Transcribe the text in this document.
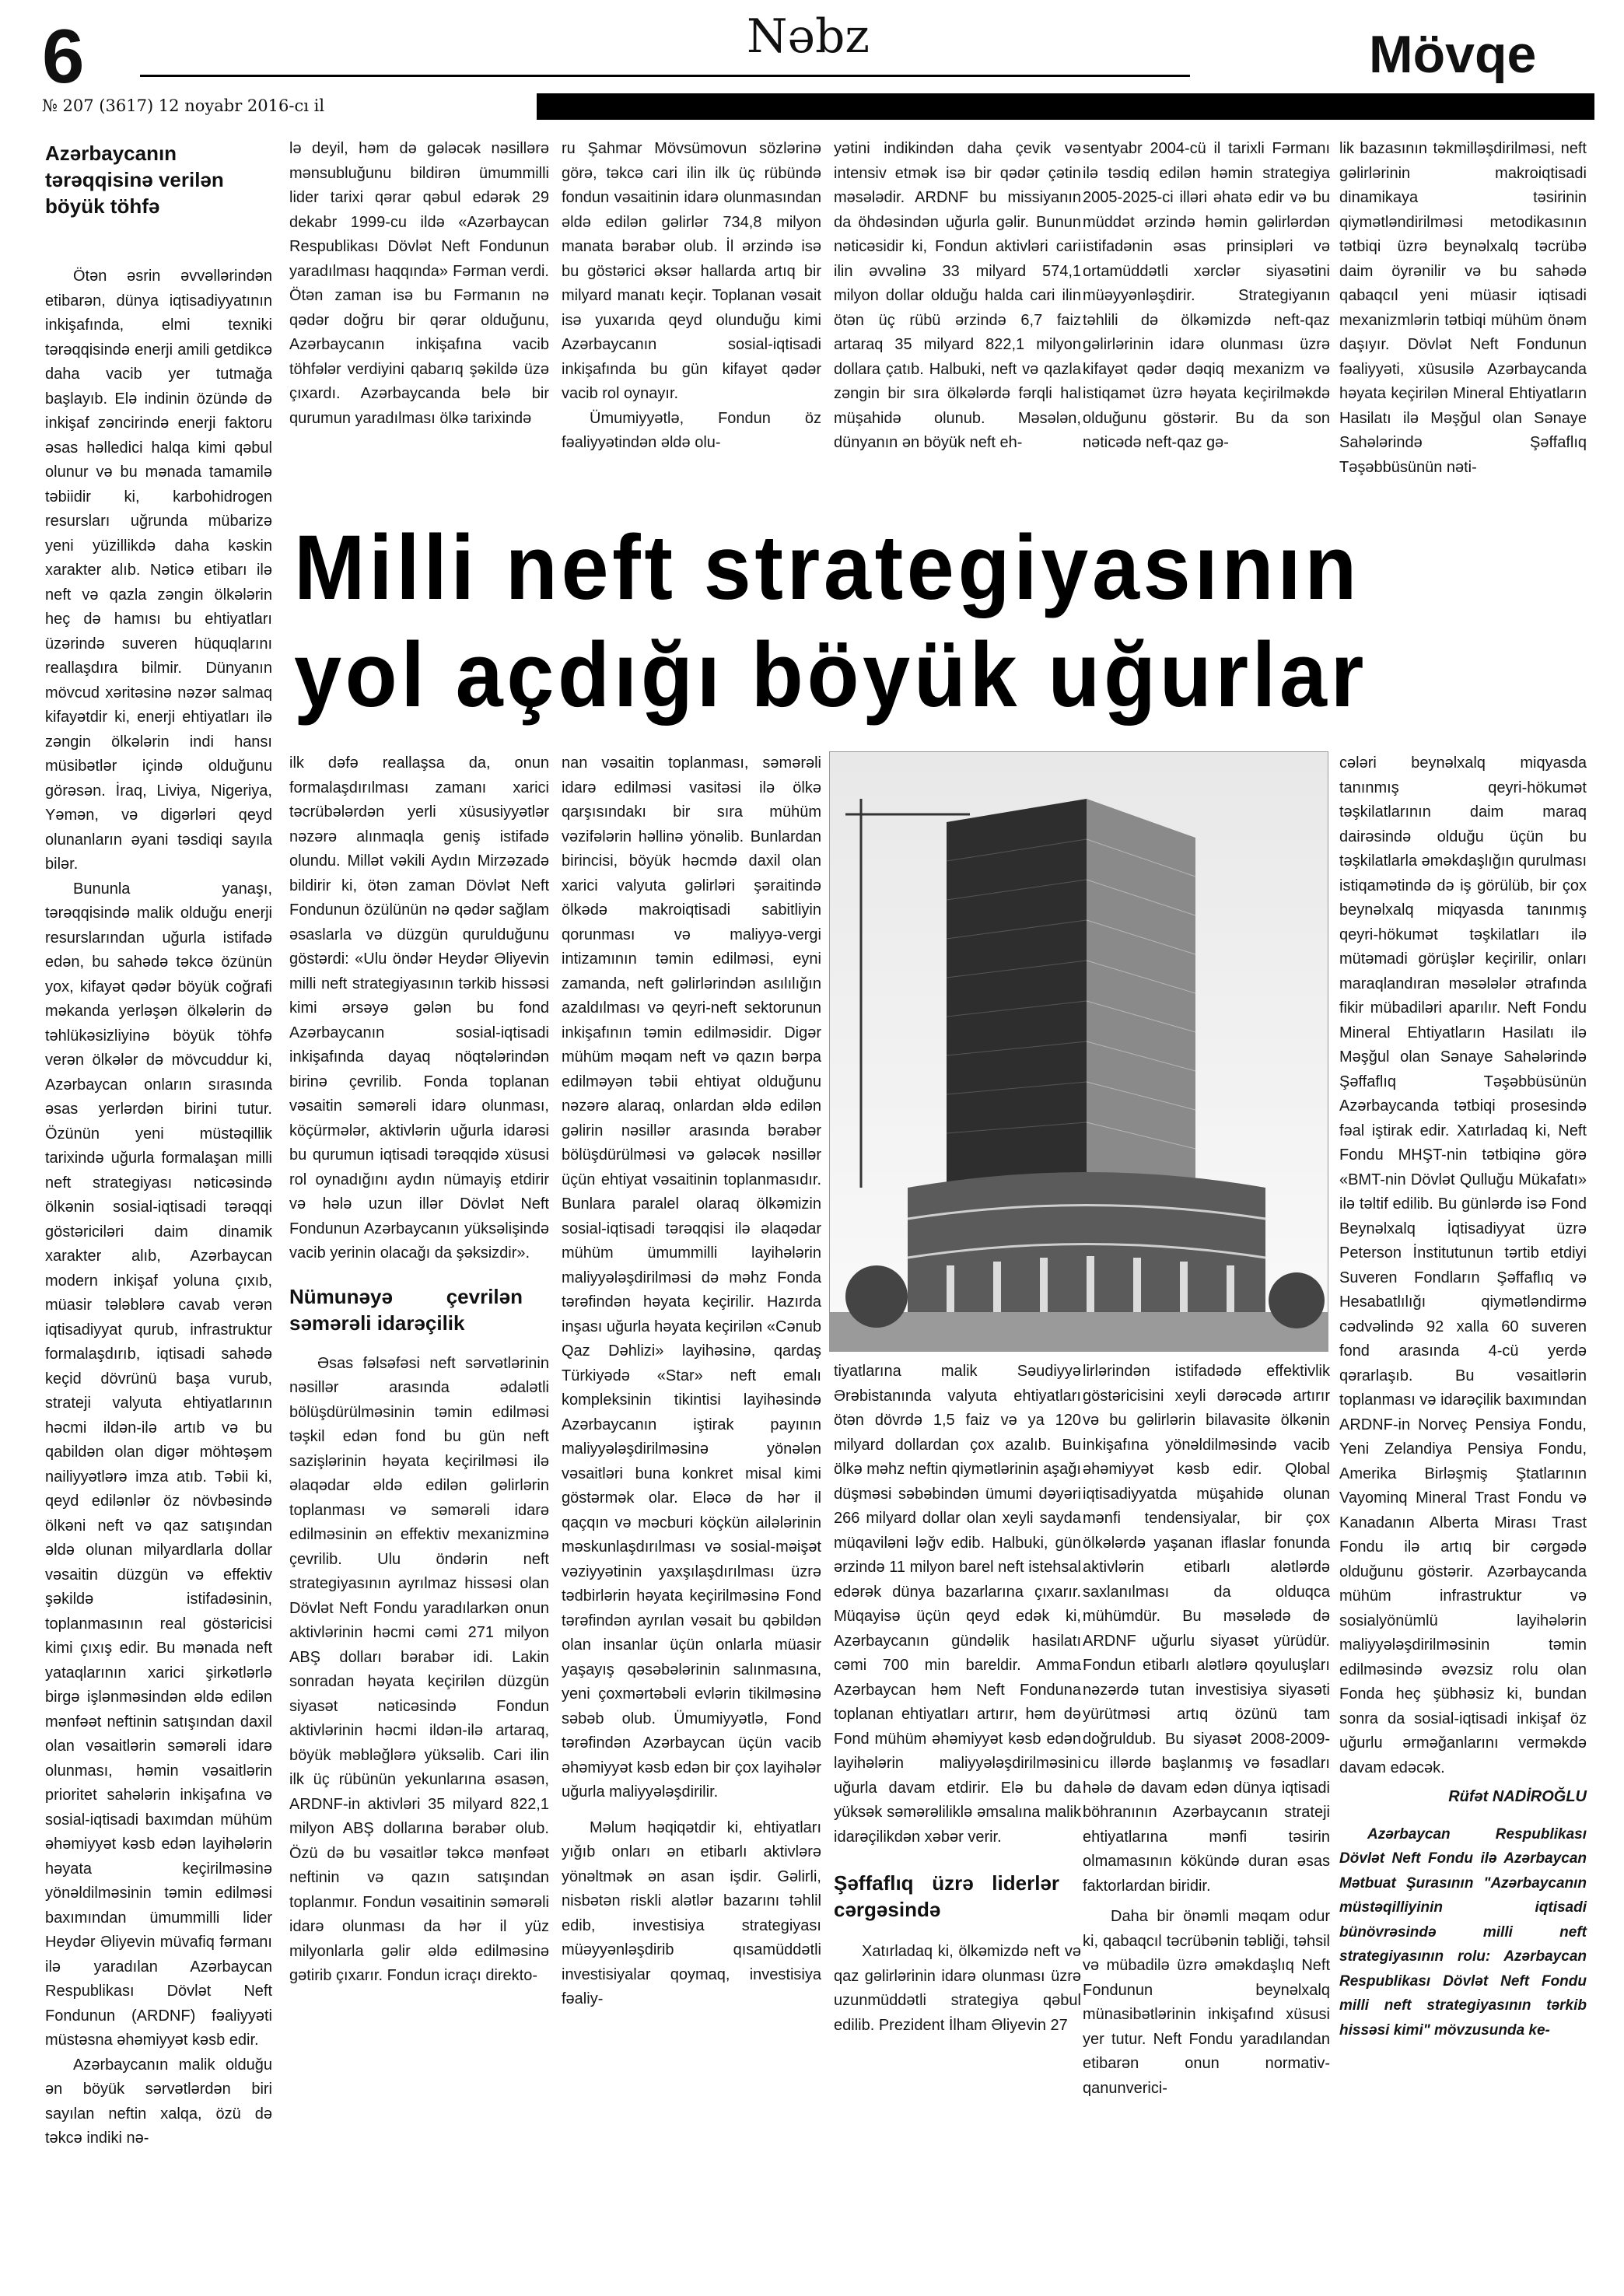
6	Nəbz	Mövqe
№ 207 (3617) 12 noyabr 2016-cı il
Azərbaycanın tərəqqisinə verilən böyük töhfə

Ötən əsrin əvvəllərindən etibarən, dünya iqtisadiyyatının inkişafında, elmi texniki tərəqqisində enerji amili getdikcə daha vacib yer tutmağa başlayıb. Elə indinin özündə də inkişaf zəncirində enerji faktoru əsas həlledici halqa kimi qəbul olunur və bu mənada tamamilə təbiidir ki, karbohidrogen resursları uğrunda mübarizə yeni yüzillikdə daha kəskin xarakter alıb. Nəticə etibarı ilə neft və qazla zəngin ölkələrin heç də hamısı bu ehtiyatları üzərində suveren hüquqlarını reallaşdıra bilmir. Dünyanın mövcud xəritəsinə nəzər salmaq kifayətdir ki, enerji ehtiyatları ilə zəngin ölkələrin indi hansı müsibətlər içində olduğunu görəsən. İraq, Liviya, Nigeriya, Yəmən, və digərləri qeyd olunanların əyani təsdiqi sayıla bilər.

Bununla yanaşı, tərəqqisində malik olduğu enerji resurslarından uğurla istifadə edən, bu sahədə təkcə özünün yox, kifayət qədər böyük coğrafi məkanda yerləşən ölkələrin də təhlükəsizliyinə böyük töhfə verən ölkələr də mövcuddur ki, Azərbaycan onların sırasında əsas yerlərdən birini tutur. Özünün yeni müstəqillik tarixində uğurla formalaşan milli neft strategiyası nəticəsində ölkənin sosial-iqtisadi tərəqqi göstəriciləri daim dinamik xarakter alıb, Azərbaycan modern inkişaf yoluna çıxıb, müasir tələblərə cavab verən iqtisadiyyat qurub, infrastruktur formalaşdırıb, iqtisadi sahədə keçid dövrünü başa vurub, strateji valyuta ehtiyatlarının həcmi ildən-ilə artıb və bu qabildən olan digər möhtəşəm nailiyyətlərə imza atıb. Təbii ki, qeyd edilənlər öz növbəsində ölkəni neft və qaz satışından əldə olunan milyardlarla dollar vəsaitin düzgün və effektiv şəkildə istifadəsinin, toplanmasının real göstəricisi kimi çıxış edir. Bu mənada neft yataqlarının xarici şirkətlərlə birgə işlənməsindən əldə edilən mənfəət neftinin satışından daxil olan vəsaitlərin səmərəli idarə olunması, həmin vəsaitlərin prioritet sahələrin inkişafına və sosial-iqtisadi baxımdan mühüm əhəmiyyət kəsb edən layihələrin həyata keçirilməsinə yönəldilməsinin təmin edilməsi baxımından ümummilli lider Heydər Əliyevin müvafiq fərmanı ilə yaradılan Azərbaycan Respublikası Dövlət Neft Fondunun (ARDNF) fəaliyyəti müstəsna əhəmiyyət kəsb edir.

Azərbaycanın malik olduğu ən böyük sərvətlərdən biri sayılan neftin xalqa, özü də təkcə indiki nə-

lə deyil, həm də gələcək nəsillərə mənsubluğunu bildirən ümummilli lider tarixi qərar qəbul edərək 29 dekabr 1999-cu ildə «Azərbaycan Respublikası Dövlət Neft Fondunun yaradılması haqqında» Fərman verdi. Ötən zaman isə bu Fərmanın nə qədər doğru bir qərar olduğunu, Azərbaycanın inkişafına vacib töhfələr verdiyini qabarıq şəkildə üzə çıxardı. Azərbaycanda belə bir qurumun yaradılması ölkə tarixində

ru Şahmar Mövsümovun sözlərinə görə, təkcə cari ilin ilk üç rübündə fondun vəsaitinin idarə olunmasından əldə edilən gəlirlər 734,8 milyon manata bərabər olub. İl ərzində isə bu göstərici əksər hallarda artıq bir milyard manatı keçir. Toplanan vəsait isə yuxarıda qeyd olunduğu kimi Azərbaycanın sosial-iqtisadi inkişafında bu gün kifayət qədər vacib rol oynayır.

Ümumiyyətlə, Fondun öz fəaliyyətindən əldə olu-

yətini indikindən daha çevik və intensiv etmək isə bir qədər çətin məsələdir. ARDNF bu missiyanın da öhdəsindən uğurla gəlir. Bunun nəticəsidir ki, Fondun aktivləri cari ilin əvvəlinə 33 milyard 574,1 milyon dollar olduğu halda cari ilin ötən üç rübü ərzində 6,7 faiz artaraq 35 milyard 822,1 milyon dollara çatıb. Halbuki, neft və qazla zəngin bir sıra ölkələrdə fərqli hal müşahidə olunub. Məsələn, dünyanın ən böyük neft eh-

sentyabr 2004-cü il tarixli Fərmanı ilə təsdiq edilən həmin strategiya 2005-2025-ci illəri əhatə edir və bu müddət ərzində həmin gəlirlərdən istifadənin əsas prinsipləri və ortamüddətli xərclər siyasətini müəyyənləşdirir. Strategiyanın təhlili də ölkəmizdə neft-qaz gəlirlərinin idarə olunması üzrə kifayət qədər dəqiq mexanizm və istiqamət üzrə həyata keçirilməkdə olduğunu göstərir. Bu da son nəticədə neft-qaz gə-

lik bazasının təkmilləşdirilməsi, neft gəlirlərinin makroiqtisadi dinamikaya təsirinin qiymətləndirilməsi metodikasının tətbiqi üzrə beynəlxalq təcrübə daim öyrənilir və bu sahədə qabaqcıl yeni müasir iqtisadi mexanizmlərin tətbiqi mühüm önəm daşıyır. Dövlət Neft Fondunun fəaliyyəti, xüsusilə Azərbaycanda həyata keçirilən Mineral Ehtiyatların Hasilatı ilə Məşğul olan Sənaye Sahələrində Şəffaflıq Təşəbbüsünün nəti-

Milli neft strategiyasının
yol açdığı böyük uğurlar

ilk dəfə reallaşsa da, onun formalaşdırılması zamanı xarici təcrübələrdən yerli xüsusiyyətlər nəzərə alınmaqla geniş istifadə olundu. Millət vəkili Aydın Mirzəzadə bildirir ki, ötən zaman Dövlət Neft Fondunun özülünün nə qədər sağlam əsaslarla və düzgün qurulduğunu göstərdi: «Ulu öndər Heydər Əliyevin milli neft strategiyasının tərkib hissəsi kimi ərsəyə gələn bu fond Azərbaycanın sosial-iqtisadi inkişafında dayaq nöqtələrindən birinə çevrilib. Fonda toplanan vəsaitin səmərəli idarə olunması, köçürmələr, aktivlərin uğurla idarəsi bu qurumun iqtisadi tərəqqidə xüsusi rol oynadığını aydın nümayiş etdirir və hələ uzun illər Dövlət Neft Fondunun Azərbaycanın yüksəlişində vacib yerinin olacağı da şəksizdir».

Nümunəyə çevrilən səmərəli idarəçilik

Əsas fəlsəfəsi neft sərvətlərinin nəsillər arasında ədalətli bölüşdürülməsinin təmin edilməsi təşkil edən fond bu gün neft sazişlərinin həyata keçirilməsi ilə əlaqədar əldə edilən gəlirlərin toplanması və səmərəli idarə edilməsinin ən effektiv mexanizminə çevrilib. Ulu öndərin neft strategiyasının ayrılmaz hissəsi olan Dövlət Neft Fondu yaradılarkən onun aktivlərinin həcmi cəmi 271 milyon ABŞ dolları bərabər idi. Lakin sonradan həyata keçirilən düzgün siyasət nəticəsində Fondun aktivlərinin həcmi ildən-ilə artaraq, böyük məbləğlərə yüksəlib. Cari ilin ilk üç rübünün yekunlarına əsasən, ARDNF-in aktivləri 35 milyard 822,1 milyon ABŞ dollarına bərabər olub. Özü də bu vəsaitlər təkcə mənfəət neftinin və qazın satışından toplanmır. Fondun vəsaitinin səmərəli idarə olunması da hər il yüz milyonlarla gəlir əldə edilməsinə gətirib çıxarır. Fondun icraçı direkto-

nan vəsaitin toplanması, səmərəli idarə edilməsi vasitəsi ilə ölkə qarşısındakı bir sıra mühüm vəzifələrin həllinə yönəlib. Bunlardan birincisi, böyük həcmdə daxil olan xarici valyuta gəlirləri şəraitində ölkədə makroiqtisadi sabitliyin qorunması və maliyyə-vergi intizamının təmin edilməsi, eyni zamanda, neft gəlirlərindən asılılığın azaldılması və qeyri-neft sektorunun inkişafının təmin edilməsidir. Digər mühüm məqam neft və qazın bərpa edilməyən təbii ehtiyat olduğunu nəzərə alaraq, onlardan əldə edilən gəlirin nəsillər arasında bərabər bölüşdürülməsi və gələcək nəsillər üçün ehtiyat vəsaitinin toplanmasıdır. Bunlara paralel olaraq ölkəmizin sosial-iqtisadi tərəqqisi ilə əlaqədar mühüm ümummilli layihələrin maliyyələşdirilməsi də məhz Fonda tərəfindən həyata keçirilir. Hazırda inşası uğurla həyata keçirilən «Cənub Qaz Dəhlizi» layihəsinə, qardaş Türkiyədə «Star» neft emalı kompleksinin tikintisi layihəsində Azərbaycanın iştirak payının maliyyələşdirilməsinə yönələn vəsaitləri buna konkret misal kimi göstərmək olar. Eləcə də hər il qaçqın və məcburi köçkün ailələrinin məskunlaşdırılması və sosial-məişət vəziyyətinin yaxşılaşdırılması üzrə tədbirlərin həyata keçirilməsinə Fond tərəfindən ayrılan vəsait bu qəbildən olan insanlar üçün onlarla müasir yaşayış qəsəbələrinin salınmasına, yeni çoxmərtəbəli evlərin tikilməsinə səbəb olub. Ümumiyyətlə, Fond tərəfindən Azərbaycan üçün vacib əhəmiyyət kəsb edən bir çox layihələr uğurla maliyyələşdirilir.

Məlum həqiqətdir ki, ehtiyatları yığıb onları ən etibarlı aktivlərə yönəltmək ən asan işdir. Gəlirli, nisbətən riskli alətlər bazarını təhlil edib, investisiya strategiyası müəyyənləşdirib qısamüddətli investisiyalar qoymaq, investisiya fəaliy-

tiyatlarına malik Səudiyyə Ərəbistanında valyuta ehtiyatları ötən dövrdə 1,5 faiz və ya 120 milyard dollardan çox azalıb. Bu ölkə məhz neftin qiymətlərinin aşağı düşməsi səbəbindən ümumi dəyəri 266 milyard dollar olan xeyli sayda müqaviləni ləğv edib. Halbuki, gün ərzində 11 milyon barel neft istehsal edərək dünya bazarlarına çıxarır. Müqayisə üçün qeyd edək ki, Azərbaycanın gündəlik hasilatı cəmi 700 min bareldir. Amma Azərbaycan həm Neft Fonduna toplanan ehtiyatları artırır, həm də Fond mühüm əhəmiyyət kəsb edən layihələrin maliyyələşdirilməsini uğurla davam etdirir. Elə bu da yüksək səmərəliliklə əmsalına malik idarəçilikdən xəbər verir.

Şəffaflıq üzrə liderlər cərgəsində

Xatırladaq ki, ölkəmizdə neft və qaz gəlirlərinin idarə olunması üzrə uzunmüddətli strategiya qəbul edilib. Prezident İlham Əliyevin 27

lirlərindən istifadədə effektivlik göstəricisini xeyli dərəcədə artırır və bu gəlirlərin bilavasitə ölkənin inkişafına yönəldilməsində vacib əhəmiyyət kəsb edir. Qlobal iqtisadiyyatda müşahidə olunan mənfi tendensiyalar, bir çox ölkələrdə yaşanan iflaslar fonunda aktivlərin etibarlı alətlərdə saxlanılması da olduqca mühümdür. Bu məsələdə də ARDNF uğurlu siyasət yürüdür. Fondun etibarlı alətlərə qoyuluşları nəzərdə tutan investisiya siyasəti yürütməsi artıq özünü tam doğruldub. Bu siyasət 2008-2009-cu illərdə başlanmış və fəsadları hələ də davam edən dünya iqtisadi böhranının Azərbaycanın strateji ehtiyatlarına mənfi təsirin olmamasının kökündə duran əsas faktorlardan biridir.

Daha bir önəmli məqam odur ki, qabaqcıl təcrübənin təbliği, təhsil və mübadilə üzrə əməkdaşlıq Neft Fondunun beynəlxalq münasibətlərinin inkişafınd xüsusi yer tutur. Neft Fondu yaradılandan etibarən onun normativ-qanunverici-

cələri beynəlxalq miqyasda tanınmış qeyri-hökumət təşkilatlarının daim maraq dairəsində olduğu üçün bu təşkilatlarla əməkdaşlığın qurulması istiqamətində də iş görülüb, bir çox beynəlxalq miqyasda tanınmış qeyri-hökumət təşkilatları ilə mütəmadi görüşlər keçirilir, onları maraqlandıran məsələlər ətrafında fikir mübadiləri aparılır. Neft Fondu Mineral Ehtiyatların Hasilatı ilə Məşğul olan Sənaye Sahələrində Şəffaflıq Təşəbbüsünün Azərbaycanda tətbiqi prosesində fəal iştirak edir. Xatırladaq ki, Neft Fondu MHŞT-nin tətbiqinə görə «BMT-nin Dövlət Qulluğu Mükafatı» ilə təltif edilib. Bu günlərdə isə Fond Beynəlxalq İqtisadiyyat üzrə Peterson İnstitutunun tərtib etdiyi Suveren Fondların Şəffaflıq və Hesabatlılığı qiymətləndirmə cədvəlində 92 xalla 60 suveren fond arasında 4-cü yerdə qərarlaşıb. Bu vəsaitlərin toplanması və idarəçilik baxımından ARDNF-in Norveç Pensiya Fondu, Yeni Zelandiya Pensiya Fondu, Amerika Birləşmiş Ştatlarının Vayominq Mineral Trast Fondu və Kanadanın Alberta Mirası Trast Fondu ilə artıq bir cərgədə olduğunu göstərir. Azərbaycanda mühüm infrastruktur və sosialyönümlü layihələrin maliyyələşdirilməsinin təmin edilməsində əvəzsiz rolu olan Fonda heç şübhəsiz ki, bundan sonra da sosial-iqtisadi inkişaf öz uğurlu ərməğanlarını verməkdə davam edəcək.

Rüfət NADİROĞLU

Azərbaycan Respublikası Dövlət Neft Fondu ilə Azərbaycan Mətbuat Şurasının "Azərbaycanın müstəqilliyinin iqtisadi bünövrəsində milli neft strategiyasının rolu: Azərbaycan Respublikası Dövlət Neft Fondu milli neft strategiyasının tərkib hissəsi kimi" mövzusunda ke-
